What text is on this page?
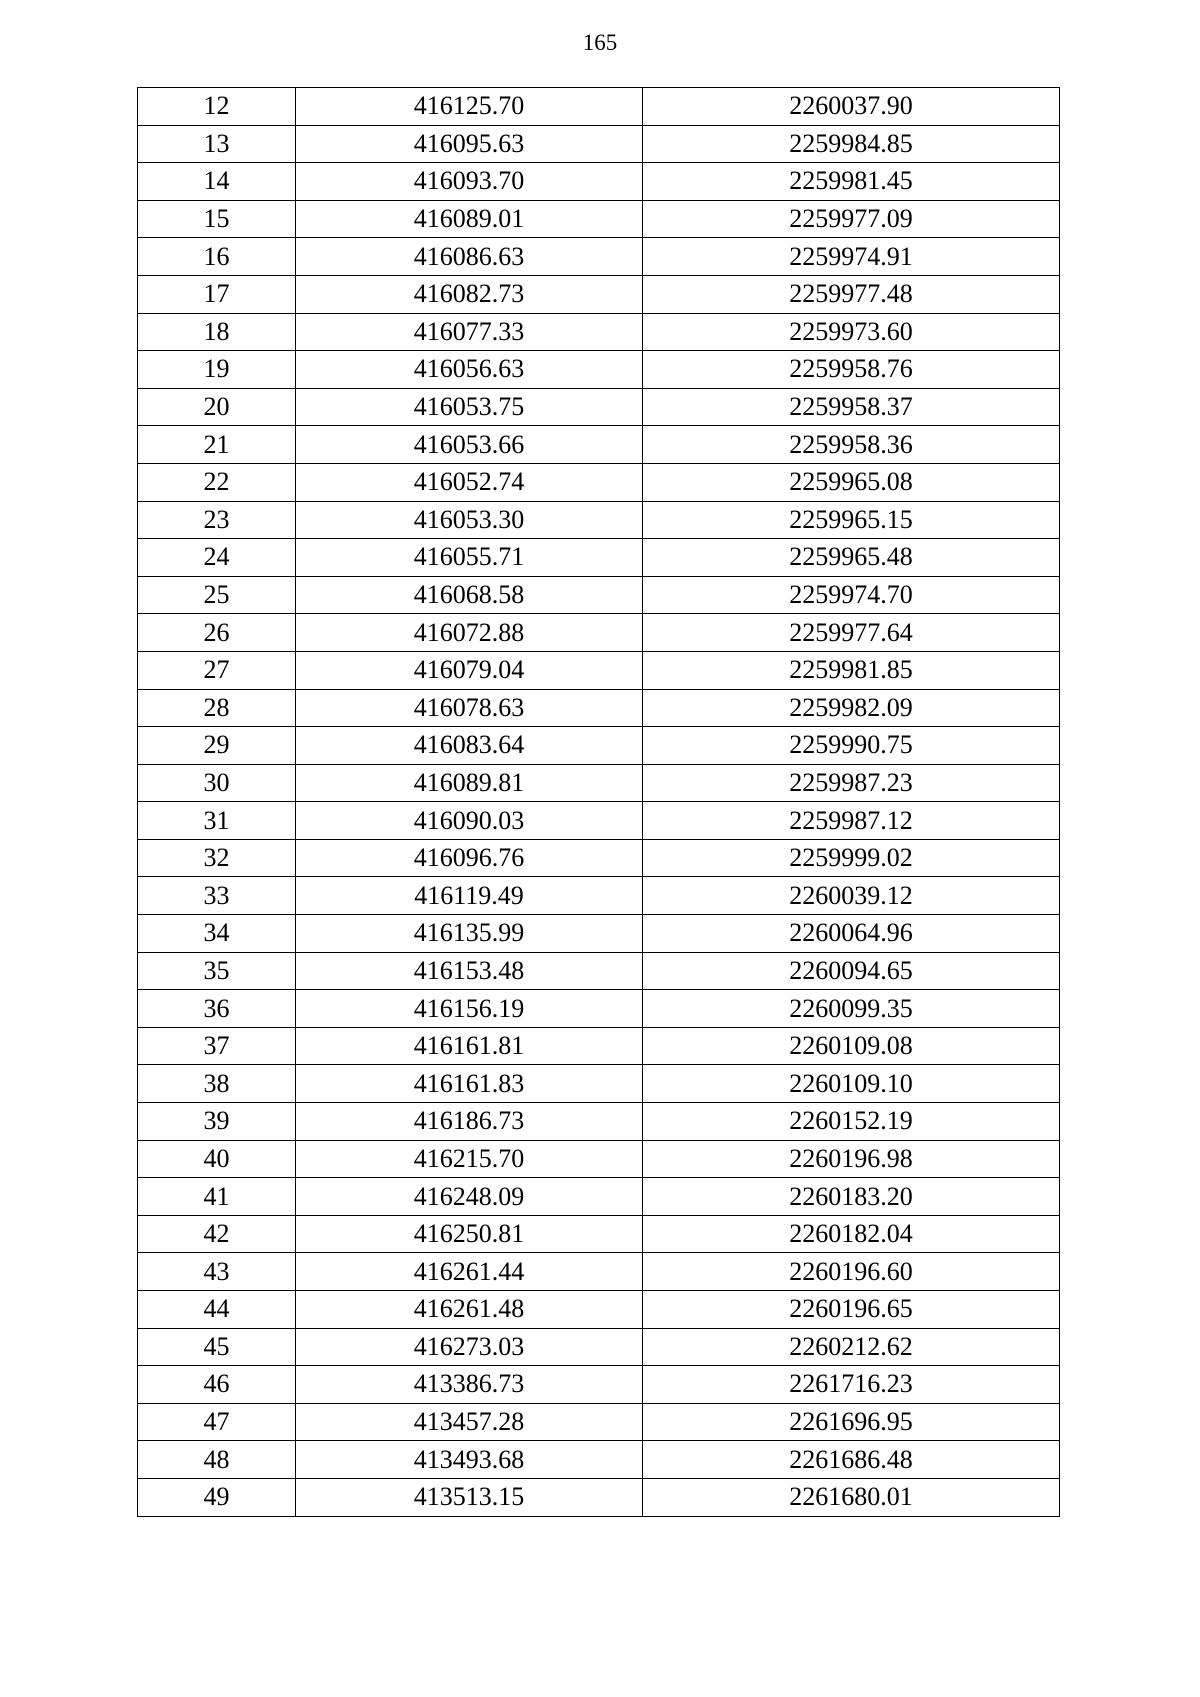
165
12	416125.70	2260037.90
13	416095.63	2259984.85
14	416093.70	2259981.45
15	416089.01	2259977.09
16	416086.63	2259974.91
17	416082.73	2259977.48
18	416077.33	2259973.60
19	416056.63	2259958.76
20	416053.75	2259958.37
21	416053.66	2259958.36
22	416052.74	2259965.08
23	416053.30	2259965.15
24	416055.71	2259965.48
25	416068.58	2259974.70
26	416072.88	2259977.64
27	416079.04	2259981.85
28	416078.63	2259982.09
29	416083.64	2259990.75
30	416089.81	2259987.23
31	416090.03	2259987.12
32	416096.76	2259999.02
33	416119.49	2260039.12
34	416135.99	2260064.96
35	416153.48	2260094.65
36	416156.19	2260099.35
37	416161.81	2260109.08
38	416161.83	2260109.10
39	416186.73	2260152.19
40	416215.70	2260196.98
41	416248.09	2260183.20
42	416250.81	2260182.04
43	416261.44	2260196.60
44	416261.48	2260196.65
45	416273.03	2260212.62
46	413386.73	2261716.23
47	413457.28	2261696.95
48	413493.68	2261686.48
49	413513.15	2261680.01
